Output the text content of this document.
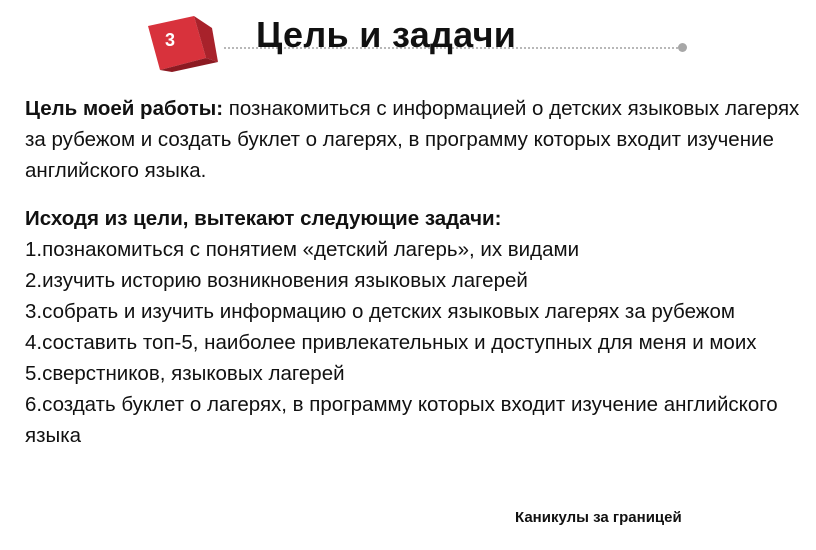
3 Цель и задачи

Цель моей работы: познакомиться с информацией о детских языковых лагерях за рубежом и создать буклет о лагерях, в программу которых входит изучение английского языка.

Исходя из цели, вытекают следующие задачи:

1.познакомиться с понятием «детский лагерь», их видами

2.изучить историю возникновения языковых лагерей

3.собрать и изучить информацию о детских языковых лагерях за рубежом

4.составить топ-5, наиболее привлекательных и доступных для меня и моих

5.сверстников, языковых лагерей

6.создать буклет о лагерях, в программу которых входит изучение английского языка

Каникулы за границей
